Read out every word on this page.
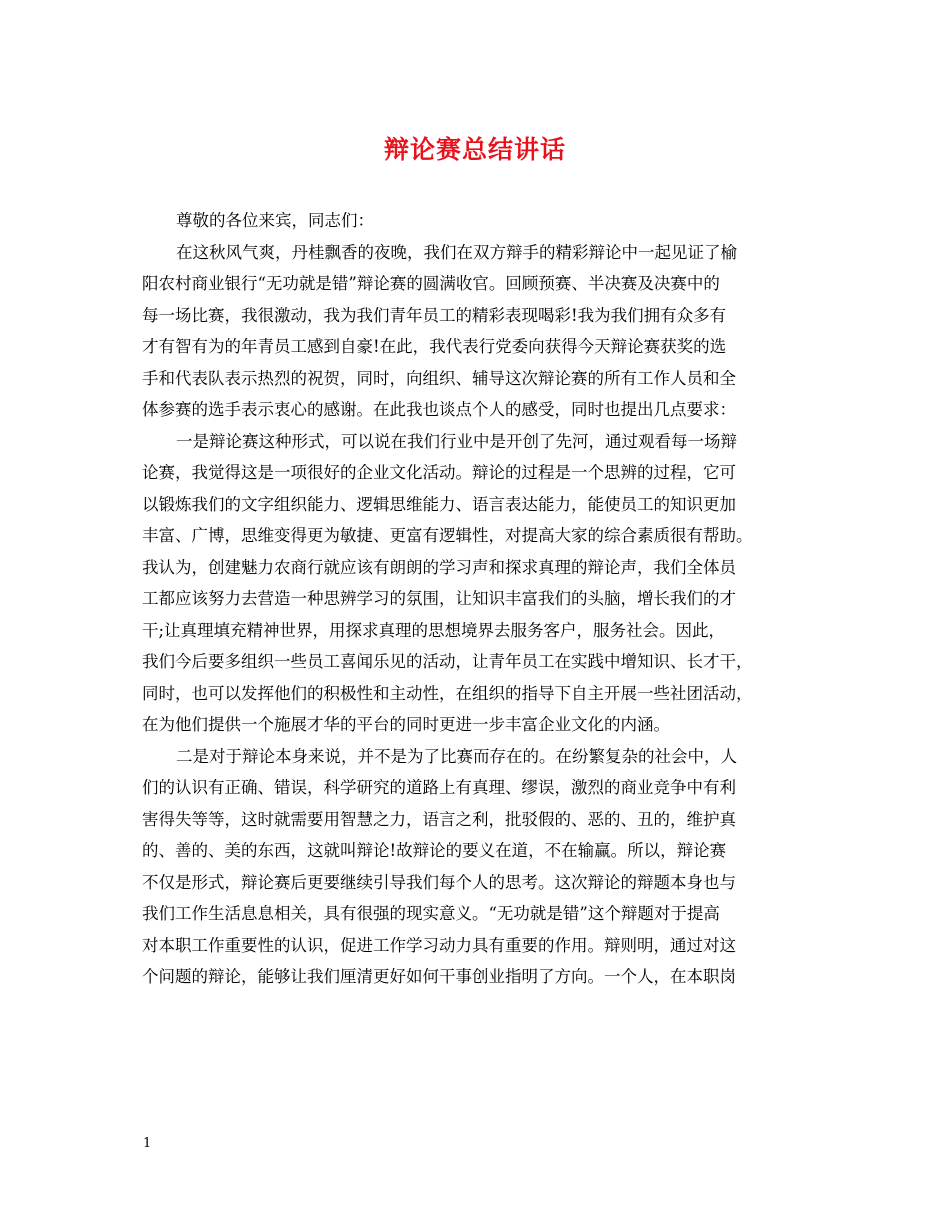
辩论赛总结讲话
尊敬的各位来宾，同志们：
在这秋风气爽，丹桂飘香的夜晚，我们在双方辩手的精彩辩论中一起见证了榆
阳农村商业银行“无功就是错”辩论赛的圆满收官。回顾预赛、半决赛及决赛中的
每一场比赛，我很激动，我为我们青年员工的精彩表现喝彩!我为我们拥有众多有
才有智有为的年青员工感到自豪!在此，我代表行党委向获得今天辩论赛获奖的选
手和代表队表示热烈的祝贺，同时，向组织、辅导这次辩论赛的所有工作人员和全
体参赛的选手表示衷心的感谢。在此我也谈点个人的感受，同时也提出几点要求：
一是辩论赛这种形式，可以说在我们行业中是开创了先河，通过观看每一场辩
论赛，我觉得这是一项很好的企业文化活动。辩论的过程是一个思辨的过程，它可
以锻炼我们的文字组织能力、逻辑思维能力、语言表达能力，能使员工的知识更加
丰富、广博，思维变得更为敏捷、更富有逻辑性，对提高大家的综合素质很有帮助。
我认为，创建魅力农商行就应该有朗朗的学习声和探求真理的辩论声，我们全体员
工都应该努力去营造一种思辨学习的氛围，让知识丰富我们的头脑，增长我们的才
干;让真理填充精神世界，用探求真理的思想境界去服务客户，服务社会。因此，
我们今后要多组织一些员工喜闻乐见的活动，让青年员工在实践中增知识、长才干，
同时，也可以发挥他们的积极性和主动性，在组织的指导下自主开展一些社团活动，
在为他们提供一个施展才华的平台的同时更进一步丰富企业文化的内涵。
二是对于辩论本身来说，并不是为了比赛而存在的。在纷繁复杂的社会中，人
们的认识有正确、错误，科学研究的道路上有真理、缪误，激烈的商业竞争中有利
害得失等等，这时就需要用智慧之力，语言之利，批驳假的、恶的、丑的，维护真
的、善的、美的东西，这就叫辩论!故辩论的要义在道，不在输赢。所以，辩论赛
不仅是形式，辩论赛后更要继续引导我们每个人的思考。这次辩论的辩题本身也与
我们工作生活息息相关，具有很强的现实意义。“无功就是错”这个辩题对于提高
对本职工作重要性的认识，促进工作学习动力具有重要的作用。辩则明，通过对这
个问题的辩论，能够让我们厘清更好如何干事创业指明了方向。一个人，在本职岗
1
